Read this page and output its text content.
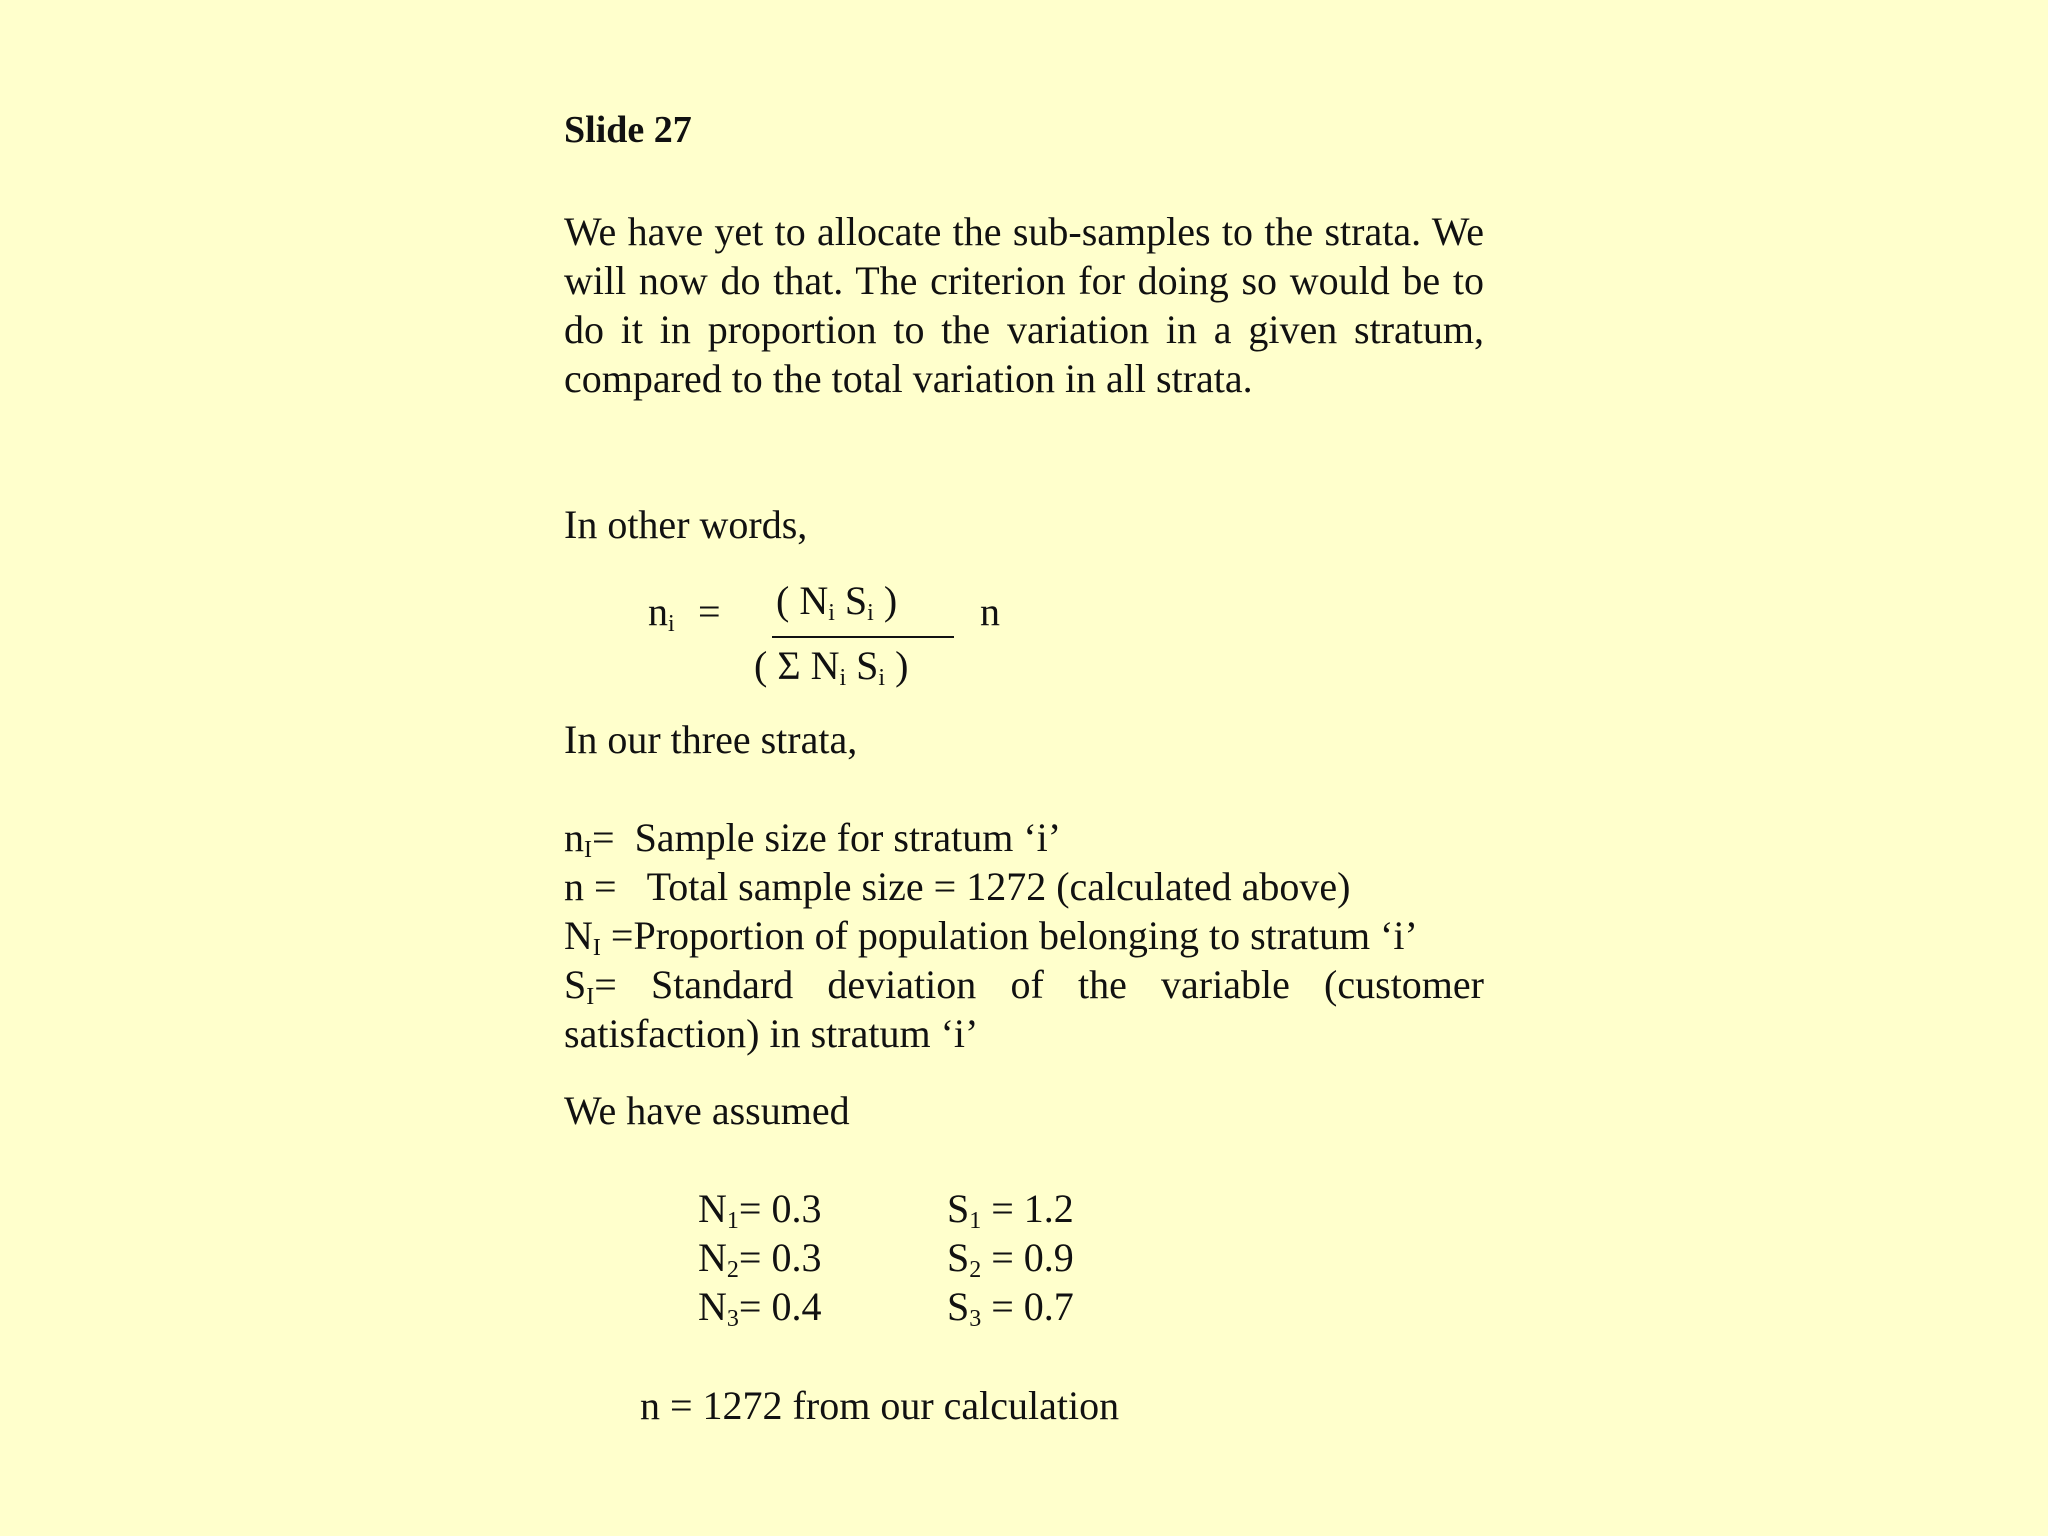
Slide 27
We have yet to allocate the sub-samples to the strata. We will now do that. The criterion for doing so would be to do it in proportion to the variation in a given stratum, compared to the total variation in all strata.
In other words,
$n_i$ = ( $N_i$ $S_i$ )
( Σ $N_i$ $S_i$ )
n
In our three strata,
$n_I=$ Sample size for stratum ‘i’
n = Total sample size = 1272 (calculated above)
$N_I$ =Proportion of population belonging to stratum ‘i’
$S_I=$ Standard deviation of the variable (customer satisfaction) in stratum ‘i’
We have assumed
$N_1= 0.3$	$S_1 = 1.2$
$N_2= 0.3$	$S_2 = 0.9$
$N_3= 0.4$	$S_3 = 0.7$
n = 1272 from our calculation
